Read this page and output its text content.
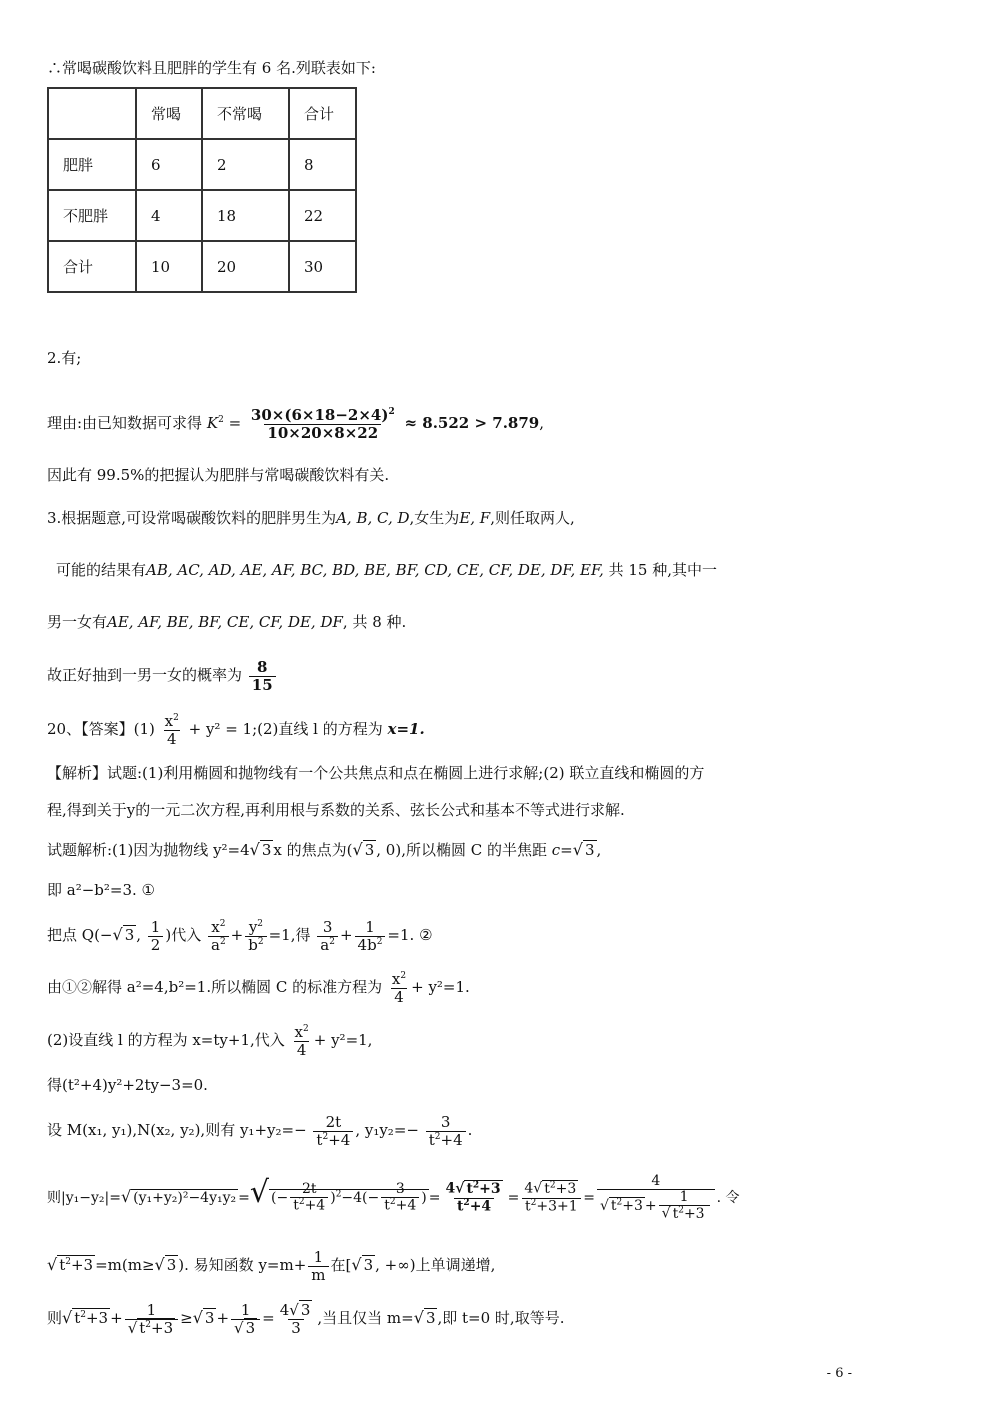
∴常喝碳酸饮料且肥胖的学生有 6 名.列联表如下:
	常喝	不常喝	合计
肥胖	6	2	8
不肥胖	4	18	22
合计	10	20	30
2.有;
理由:由已知数据可求得 $K^2 = \frac{30\times(6\times 18-2\times 4)^2}{10\times 20\times 8\times 22} \approx 8.522 > 7.879$,
因此有 99.5%的把握认为肥胖与常喝碳酸饮料有关.
3.根据题意,可设常喝碳酸饮料的肥胖男生为A, B, C, D,女生为E, F,则任取两人,
可能的结果有AB, AC, AD, AE, AF, BC, BD, BE, BF, CD, CE, CF, DE, DF, EF, 共 15 种,其中一
男一女有AE, AF, BE, BF, CE, CF, DE, DF, 共 8 种.
故正好抽到一男一女的概率为 $\frac{8}{15}$
20、【答案】$(1) \frac{x^2}{4} + y^2$ = 1;(2)直线 l 的方程为 x=1.
【解析】试题:(1)利用椭圆和抛物线有一个公共焦点和点在椭圆上进行求解;(2) 联立直线和椭圆的方
程,得到关于y的一元二次方程,再利用根与系数的关系、弦长公式和基本不等式进行求解.
试题解析:(1)因为抛物线 y²=4√ 3 x 的焦点为(√ 3 , 0),所以椭圆 C 的半焦距 c=√ 3 ,
即 a²−b²=3. ①
把点 Q(−√ 3 , $\frac{1}{2}$ )代入 $\frac{x^2}{a^2} + \frac{y^2}{b^2} =1$,得 $\frac{3}{a^2} + \frac{1}{4b^2} =1$. ②
由①②解得 a²=4,b²=1.所以椭圆 C 的标准方程为 $\frac{x^2}{4} + y^2=1$.
(2)设直线 l 的方程为 x=ty+1,代入 $\frac{x^2}{4} + y^2=1$,
得(t²+4)y²+2ty−3=0.
设 M(x₁, y₁),N(x₂, y₂),则有 $y_1+y_2=- \frac{2t}{t^2+4}$ , $y_1y_2=- \frac{3}{t^2+4}$ .
则|y₁−y₂|=√ (y₁+y₂)²−4y₁y₂ =√ (− $\frac{2t}{t^2+4} )^2-4(- \frac{3}{t^2+4}$ ) = $\frac{4√ t^2+3}{t^2+4} = \frac{4√ t^2+3}{t^2+3+1} = \frac{4}{√ t^2+3 + \frac{1}{√ t^2+3}}$ . 令
√ $t^2+3 =m(m\ge√$ 3 ). 易知函数 $y=m+ \frac{1}{m}$ 在[√ 3 , +∞)上单调递增,
则√ $t^2+3 + \frac{1}{√ t^2+3}$ ≥√ $3 + \frac{1}{√ 3} = \frac{4√ 3}{3}$ ,当且仅当 m=√ 3 ,即 t=0 时,取等号.
- 6 -
